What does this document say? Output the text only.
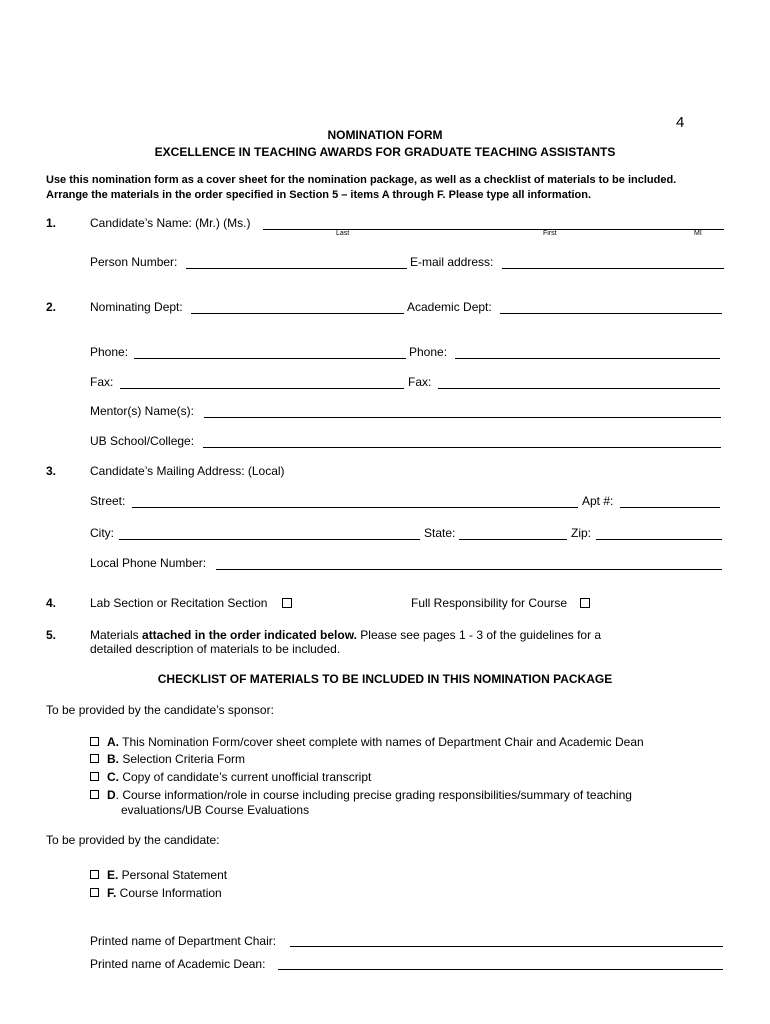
4
NOMINATION FORM
EXCELLENCE IN TEACHING AWARDS FOR GRADUATE TEACHING ASSISTANTS
Use this nomination form as a cover sheet for the nomination package, as well as a checklist of materials to be included. Arrange the materials in the order specified in Section 5 – items A through F. Please type all information.
1.	Candidate’s Name: (Mr.) (Ms.)
Last	First	MI
Person Number:	E-mail address:
2.	Nominating Dept:	Academic Dept:
Phone:	Phone:
Fax:	Fax:
Mentor(s) Name(s):
UB School/College:
3.	Candidate’s Mailing Address: (Local)
Street:	Apt #:
City:	State:	Zip:
Local Phone Number:
4.	Lab Section or Recitation Section	Full Responsibility for Course
5.	Materials attached in the order indicated below. Please see pages 1 - 3 of the guidelines for a
detailed description of materials to be included.
CHECKLIST OF MATERIALS TO BE INCLUDED IN THIS NOMINATION PACKAGE
To be provided by the candidate’s sponsor:
A. This Nomination Form/cover sheet complete with names of Department Chair and Academic Dean
B. Selection Criteria Form
C. Copy of candidate’s current unofficial transcript
D. Course information/role in course including precise grading responsibilities/summary of teaching
evaluations/UB Course Evaluations
To be provided by the candidate:
E. Personal Statement
F. Course Information
Printed name of Department Chair:
Printed name of Academic Dean:
